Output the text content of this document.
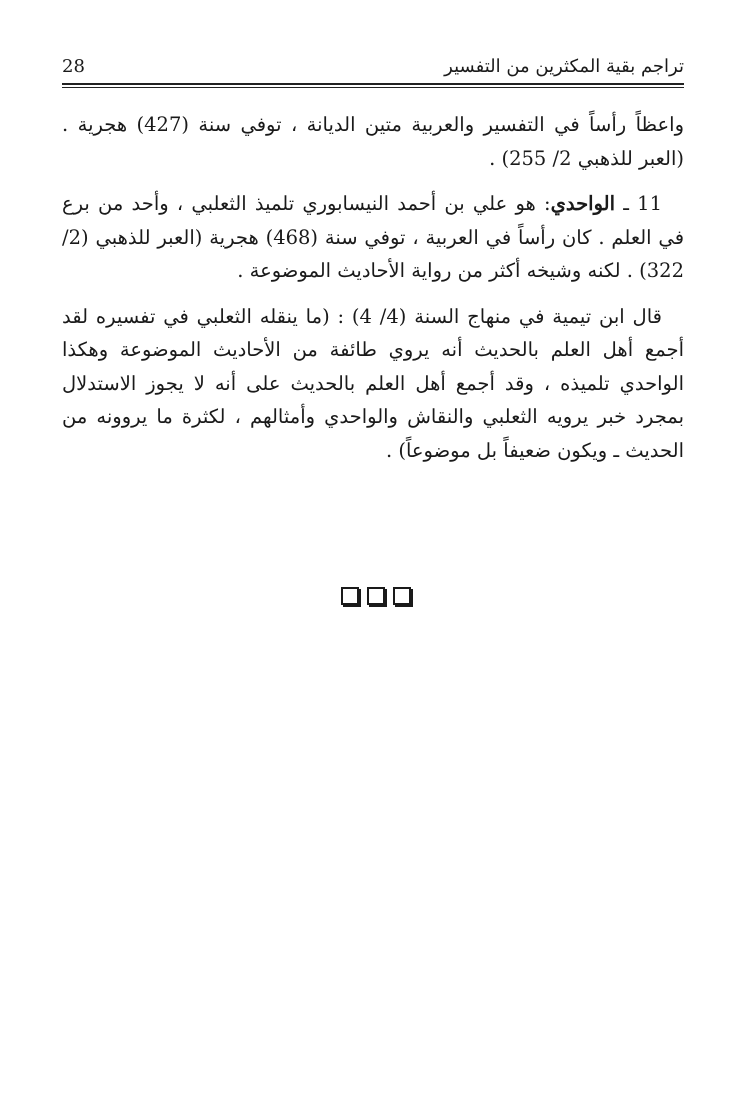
28	تراجم بقية المكثرين من التفسير

واعظاً رأساً في التفسير والعربية متين الديانة ، توفي سنة (427) هجرية . (العبر للذهبي 2/ 255) .

11 ـ الواحدي: هو علي بن أحمد النيسابوري تلميذ الثعلبي ، وأحد من برع في العلم . كان رأساً في العربية ، توفي سنة (468) هجرية (العبر للذهبي (2/ 322) . لكنه وشيخه أكثر من رواية الأحاديث الموضوعة .

قال ابن تيمية في منهاج السنة (4/ 4) : (ما ينقله الثعلبي في تفسيره لقد أجمع أهل العلم بالحديث أنه يروي طائفة من الأحاديث الموضوعة وهكذا الواحدي تلميذه ، وقد أجمع أهل العلم بالحديث على أنه لا يجوز الاستدلال بمجرد خبر يرويه الثعلبي والنقاش والواحدي وأمثالهم ، لكثرة ما يروونه من الحديث ـ ويكون ضعيفاً بل موضوعاً) .
